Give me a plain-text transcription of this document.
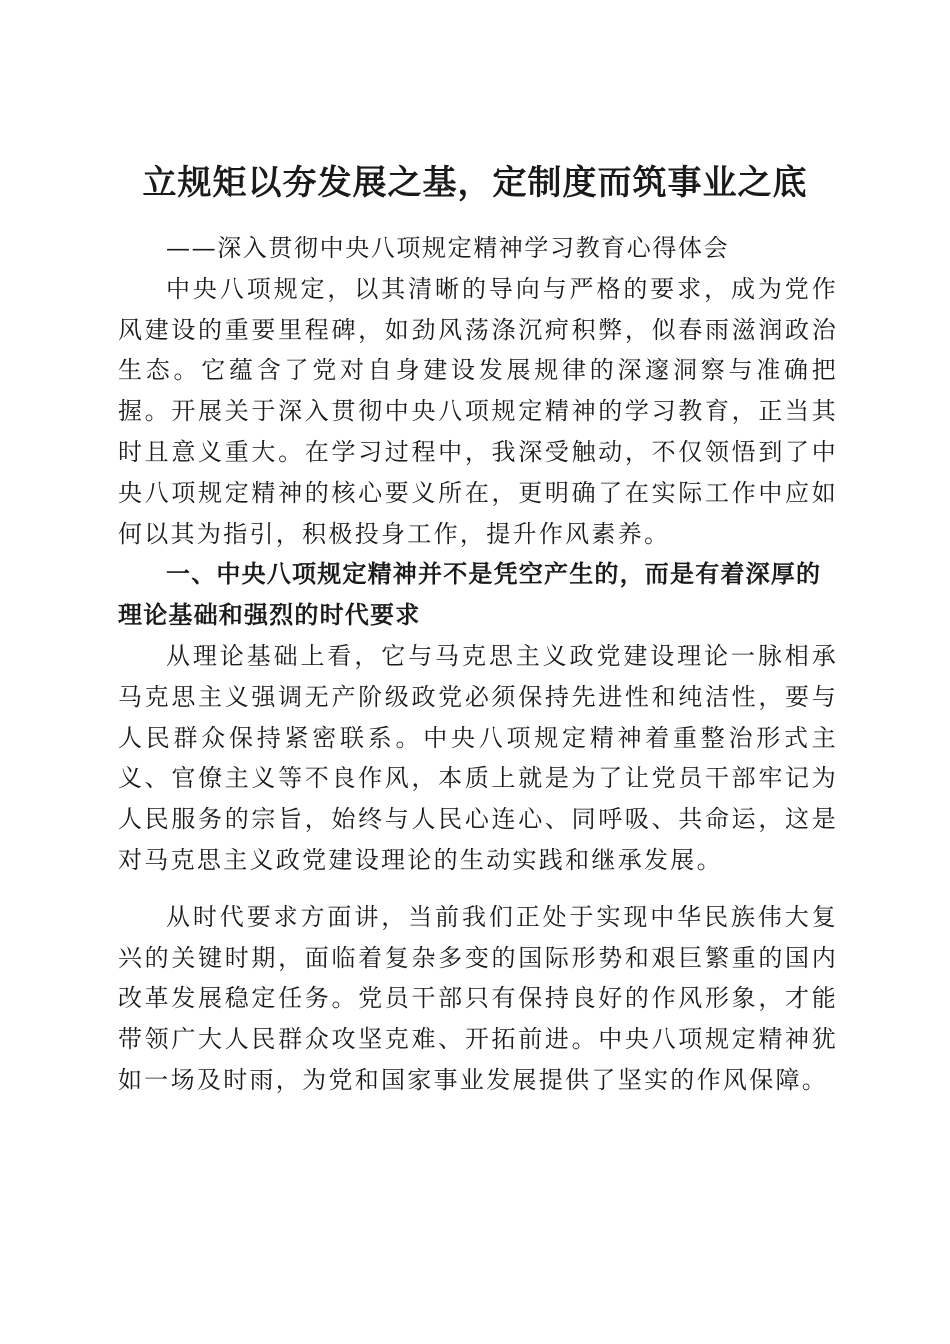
立规矩以夯发展之基，定制度而筑事业之底

——深入贯彻中央八项规定精神学习教育心得体会

中央八项规定，以其清晰的导向与严格的要求，成为党作风建设的重要里程碑，如劲风荡涤沉疴积弊，似春雨滋润政治生态。它蕴含了党对自身建设发展规律的深邃洞察与准确把握。开展关于深入贯彻中央八项规定精神的学习教育，正当其时且意义重大。在学习过程中，我深受触动，不仅领悟到了中央八项规定精神的核心要义所在，更明确了在实际工作中应如何以其为指引，积极投身工作，提升作风素养。

一、中央八项规定精神并不是凭空产生的，而是有着深厚的理论基础和强烈的时代要求

从理论基础上看，它与马克思主义政党建设理论一脉相承马克思主义强调无产阶级政党必须保持先进性和纯洁性，要与人民群众保持紧密联系。中央八项规定精神着重整治形式主义、官僚主义等不良作风，本质上就是为了让党员干部牢记为人民服务的宗旨，始终与人民心连心、同呼吸、共命运，这是对马克思主义政党建设理论的生动实践和继承发展。

从时代要求方面讲，当前我们正处于实现中华民族伟大复兴的关键时期，面临着复杂多变的国际形势和艰巨繁重的国内改革发展稳定任务。党员干部只有保持良好的作风形象，才能带领广大人民群众攻坚克难、开拓前进。中央八项规定精神犹如一场及时雨，为党和国家事业发展提供了坚实的作风保障。
